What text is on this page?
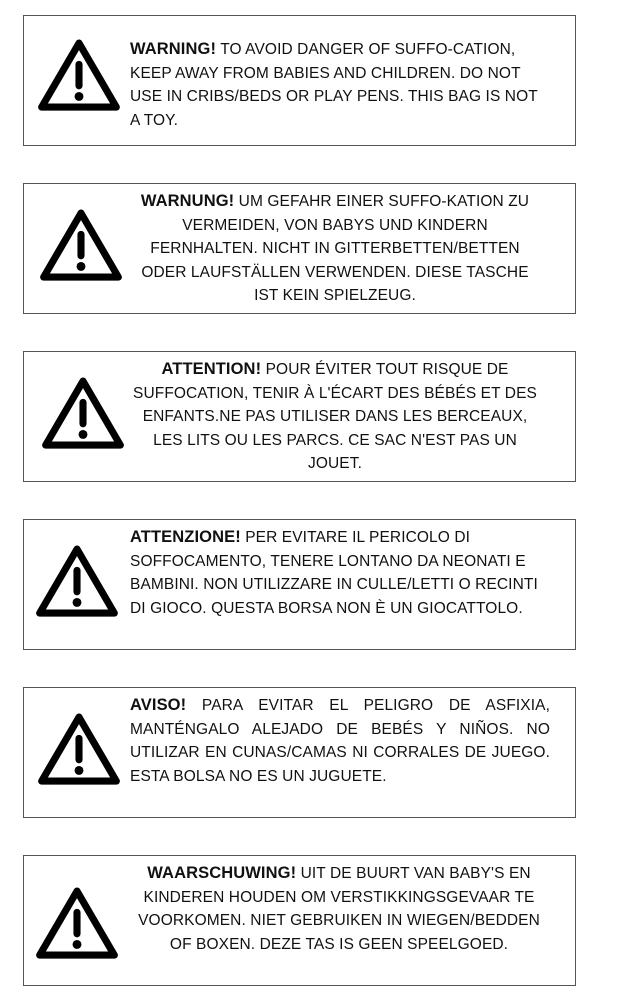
WARNING! TO AVOID DANGER OF SUFFO-CATION, KEEP AWAY FROM BABIES AND CHILDREN. DO NOT USE IN CRIBS/BEDS OR PLAY PENS. THIS BAG IS NOT A TOY.
WARNUNG! UM GEFAHR EINER SUFFO-KATION ZU VERMEIDEN, VON BABYS UND KINDERN FERNHALTEN. NICHT IN GITTERBETTEN/BETTEN ODER LAUFSTÄLLEN VERWENDEN. DIESE TASCHE IST KEIN SPIELZEUG.
ATTENTION! POUR ÉVITER TOUT RISQUE DE SUFFOCATION, TENIR À L'ÉCART DES BÉBÉS ET DES ENFANTS.NE PAS UTILISER DANS LES BERCEAUX, LES LITS OU LES PARCS. CE SAC N'EST PAS UN JOUET.
ATTENZIONE! PER EVITARE IL PERICOLO DI SOFFOCAMENTO, TENERE LONTANO DA NEONATI E BAMBINI. NON UTILIZZARE IN CULLE/LETTI O RECINTI DI GIOCO. QUESTA BORSA NON È UN GIOCATTOLO.
AVISO! PARA EVITAR EL PELIGRO DE ASFIXIA, MANTÉNGALO ALEJADO DE BEBÉS Y NIÑOS. NO UTILIZAR EN CUNAS/CAMAS NI CORRALES DE JUEGO. ESTA BOLSA NO ES UN JUGUETE.
WAARSCHUWING! UIT DE BUURT VAN BABY'S EN KINDEREN HOUDEN OM VERSTIKKINGSGEVAAR TE VOORKOMEN. NIET GEBRUIKEN IN WIEGEN/BEDDEN OF BOXEN. DEZE TAS IS GEEN SPEELGOED.
